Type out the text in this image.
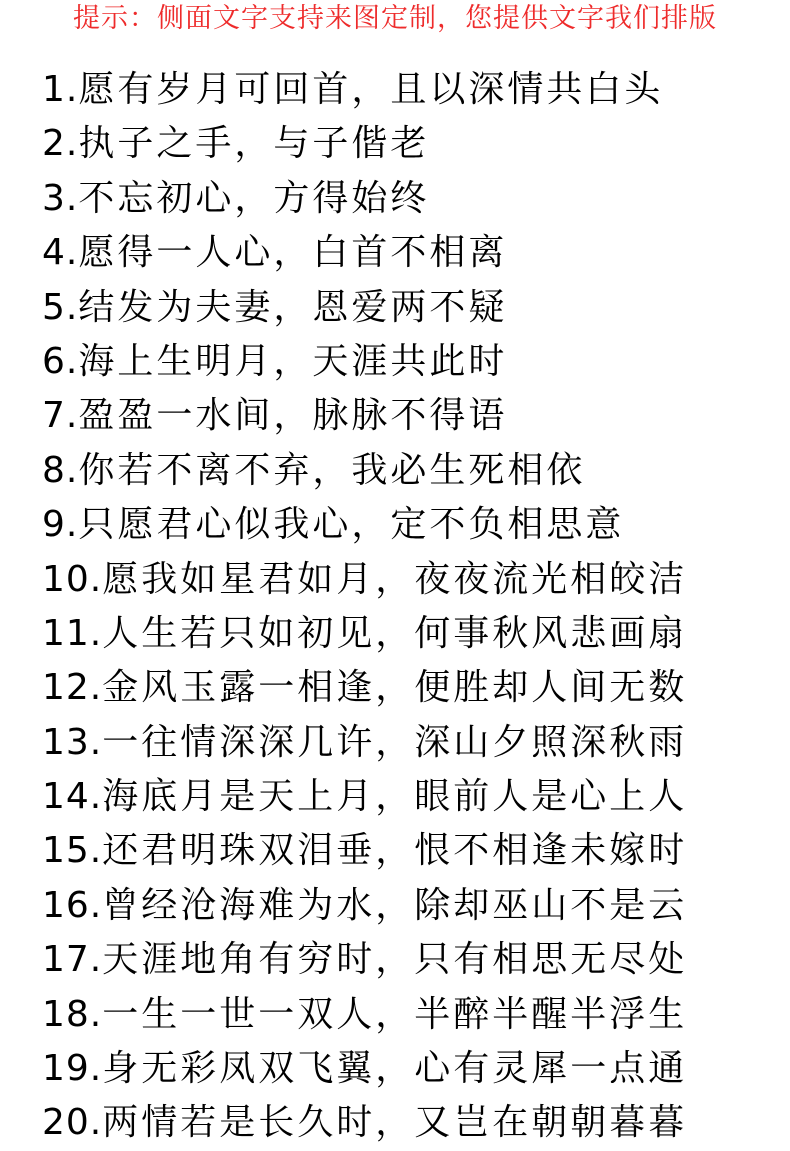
提示：侧面文字支持来图定制，您提供文字我们排版
1.愿有岁月可回首，且以深情共白头
2.执子之手，与子偕老
3.不忘初心，方得始终
4.愿得一人心，白首不相离
5.结发为夫妻，恩爱两不疑
6.海上生明月，天涯共此时
7.盈盈一水间，脉脉不得语
8.你若不离不弃，我必生死相依
9.只愿君心似我心，定不负相思意
10.愿我如星君如月，夜夜流光相皎洁
11.人生若只如初见，何事秋风悲画扇
12.金风玉露一相逢，便胜却人间无数
13.一往情深深几许，深山夕照深秋雨
14.海底月是天上月，眼前人是心上人
15.还君明珠双泪垂，恨不相逢未嫁时
16.曾经沧海难为水，除却巫山不是云
17.天涯地角有穷时，只有相思无尽处
18.一生一世一双人，半醉半醒半浮生
19.身无彩凤双飞翼，心有灵犀一点通
20.两情若是长久时，又岂在朝朝暮暮
